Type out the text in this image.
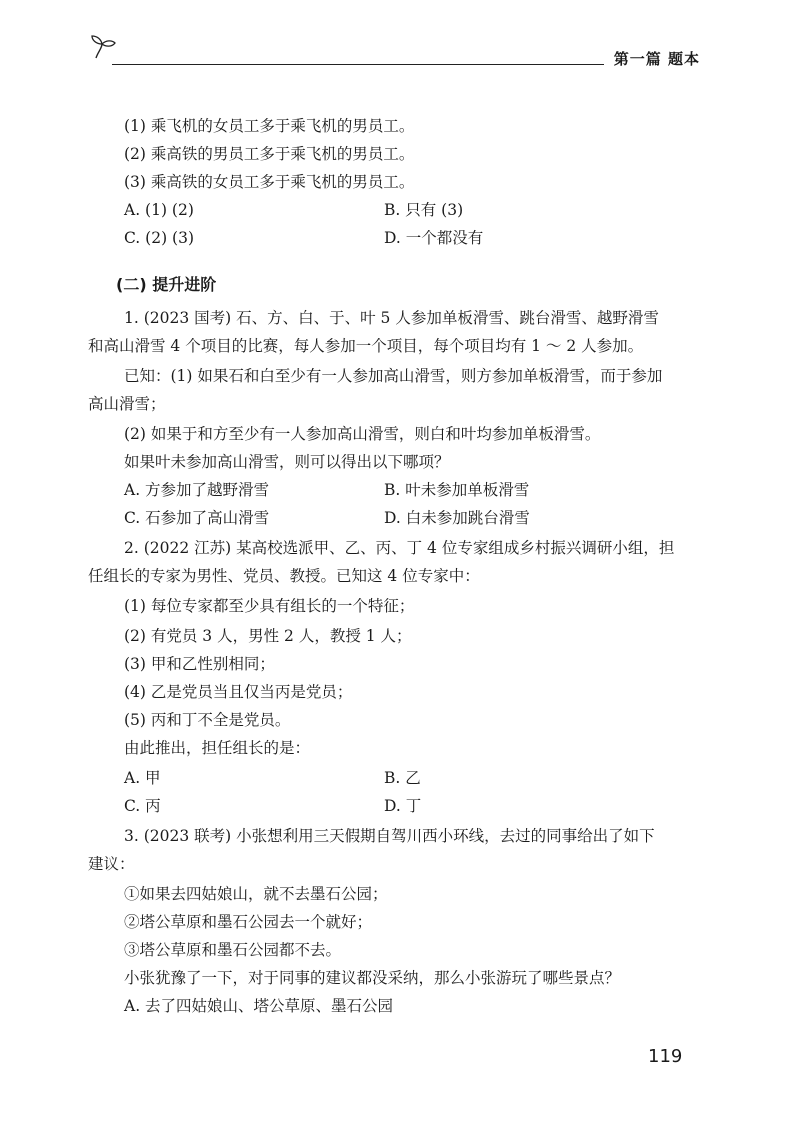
第一篇 题本
(1) 乘飞机的女员工多于乘飞机的男员工。
(2) 乘高铁的男员工多于乘飞机的男员工。
(3) 乘高铁的女员工多于乘飞机的男员工。
A. (1) (2)	B. 只有 (3)
C. (2) (3)	D. 一个都没有
(二) 提升进阶
1. (2023 国考) 石、方、白、于、叶 5 人参加单板滑雪、跳台滑雪、越野滑雪
和高山滑雪 4 个项目的比赛，每人参加一个项目，每个项目均有 1 ～ 2 人参加。
已知：(1) 如果石和白至少有一人参加高山滑雪，则方参加单板滑雪，而于参加
高山滑雪；
(2) 如果于和方至少有一人参加高山滑雪，则白和叶均参加单板滑雪。
如果叶未参加高山滑雪，则可以得出以下哪项？
A. 方参加了越野滑雪	B. 叶未参加单板滑雪
C. 石参加了高山滑雪	D. 白未参加跳台滑雪
2. (2022 江苏) 某高校选派甲、乙、丙、丁 4 位专家组成乡村振兴调研小组，担
任组长的专家为男性、党员、教授。已知这 4 位专家中：
(1) 每位专家都至少具有组长的一个特征；
(2) 有党员 3 人，男性 2 人，教授 1 人；
(3) 甲和乙性别相同；
(4) 乙是党员当且仅当丙是党员；
(5) 丙和丁不全是党员。
由此推出，担任组长的是：
A. 甲	B. 乙
C. 丙	D. 丁
3. (2023 联考) 小张想利用三天假期自驾川西小环线，去过的同事给出了如下
建议：
①如果去四姑娘山，就不去墨石公园；
②塔公草原和墨石公园去一个就好；
③塔公草原和墨石公园都不去。
小张犹豫了一下，对于同事的建议都没采纳，那么小张游玩了哪些景点？
A. 去了四姑娘山、塔公草原、墨石公园
119
